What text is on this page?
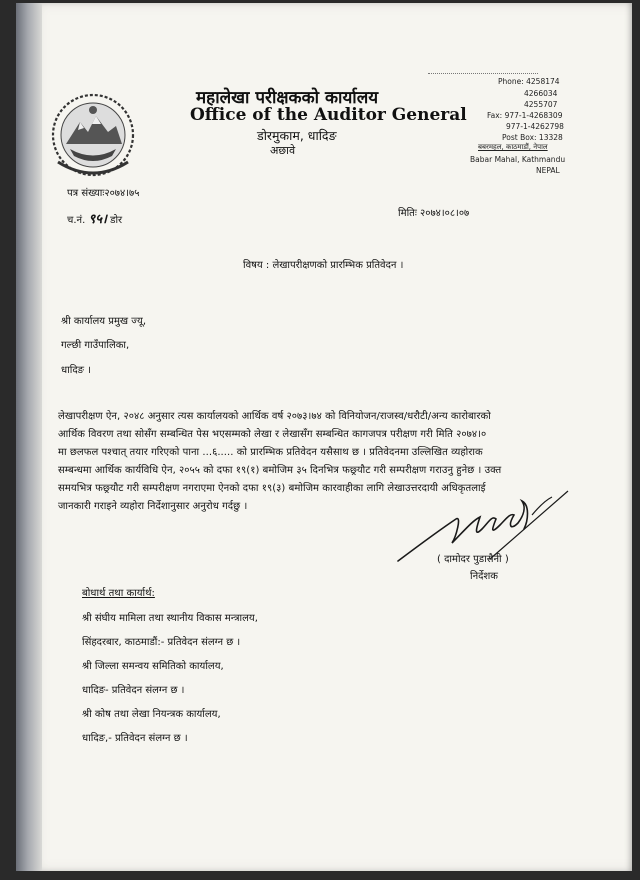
महालेखा परीक्षकको कार्यालय
Office of the Auditor General
डोरमुकाम, धादिङ
अछावे
Phone: 4258174
4266034
4255707
Fax: 977-1-4268309
977-1-4262798
Post Box: 13328
बबरमहल, काठमाडौं, नेपाल
Babar Mahal, Kathmandu
NEPAL
पत्र संख्याः२०७४।७५
च.नं. ९५। डोर
मितिः २०७४।०८।०७
विषय : लेखापरीक्षणको प्रारम्भिक प्रतिवेदन ।
श्री कार्यालय प्रमुख ज्यू,
गल्छी गाउँपालिका,
धादिङ ।
लेखापरीक्षण ऐन, २०४८ अनुसार त्यस कार्यालयको आर्थिक वर्ष २०७३।७४ को विनियोजन/राजस्व/धरौटी/अन्य कारोबारको
आर्थिक विवरण तथा सोसँग सम्बन्धित पेस भएसम्मको लेखा र लेखासँग सम्बन्धित कागजपत्र परीक्षण गरी मिति २०७४।०
मा छलफल पश्चात् तयार गरिएको पाना ...६..... को प्रारम्भिक प्रतिवेदन यसैसाथ छ । प्रतिवेदनमा उल्लिखित व्यहोराक
सम्बन्धमा आर्थिक कार्यविधि ऐन, २०५५ को दफा १९(१) बमोजिम ३५ दिनभित्र फछ्र्यौट गरी सम्परीक्षण गराउनु हुनेछ । उक्त
समयभित्र फछ्र्यौट गरी सम्परीक्षण नगराएमा ऐनको दफा १९(३) बमोजिम कारवाहीका लागि लेखाउत्तरदायी अधिकृतलाई
जानकारी गराइने व्यहोरा निर्देशानुसार अनुरोध गर्दछु ।
( दामोदर पुडासैनी )
निर्देशक
बोधार्थ तथा कार्यार्थ:
श्री संघीय मामिला तथा स्थानीय विकास मन्त्रालय,
सिंहदरबार, काठमाडौं:- प्रतिवेदन संलग्न छ ।
श्री जिल्ला समन्वय समितिको कार्यालय,
धादिङ- प्रतिवेदन संलग्न छ ।
श्री कोष तथा लेखा नियन्त्रक कार्यालय,
धादिङ,- प्रतिवेदन संलग्न छ ।
